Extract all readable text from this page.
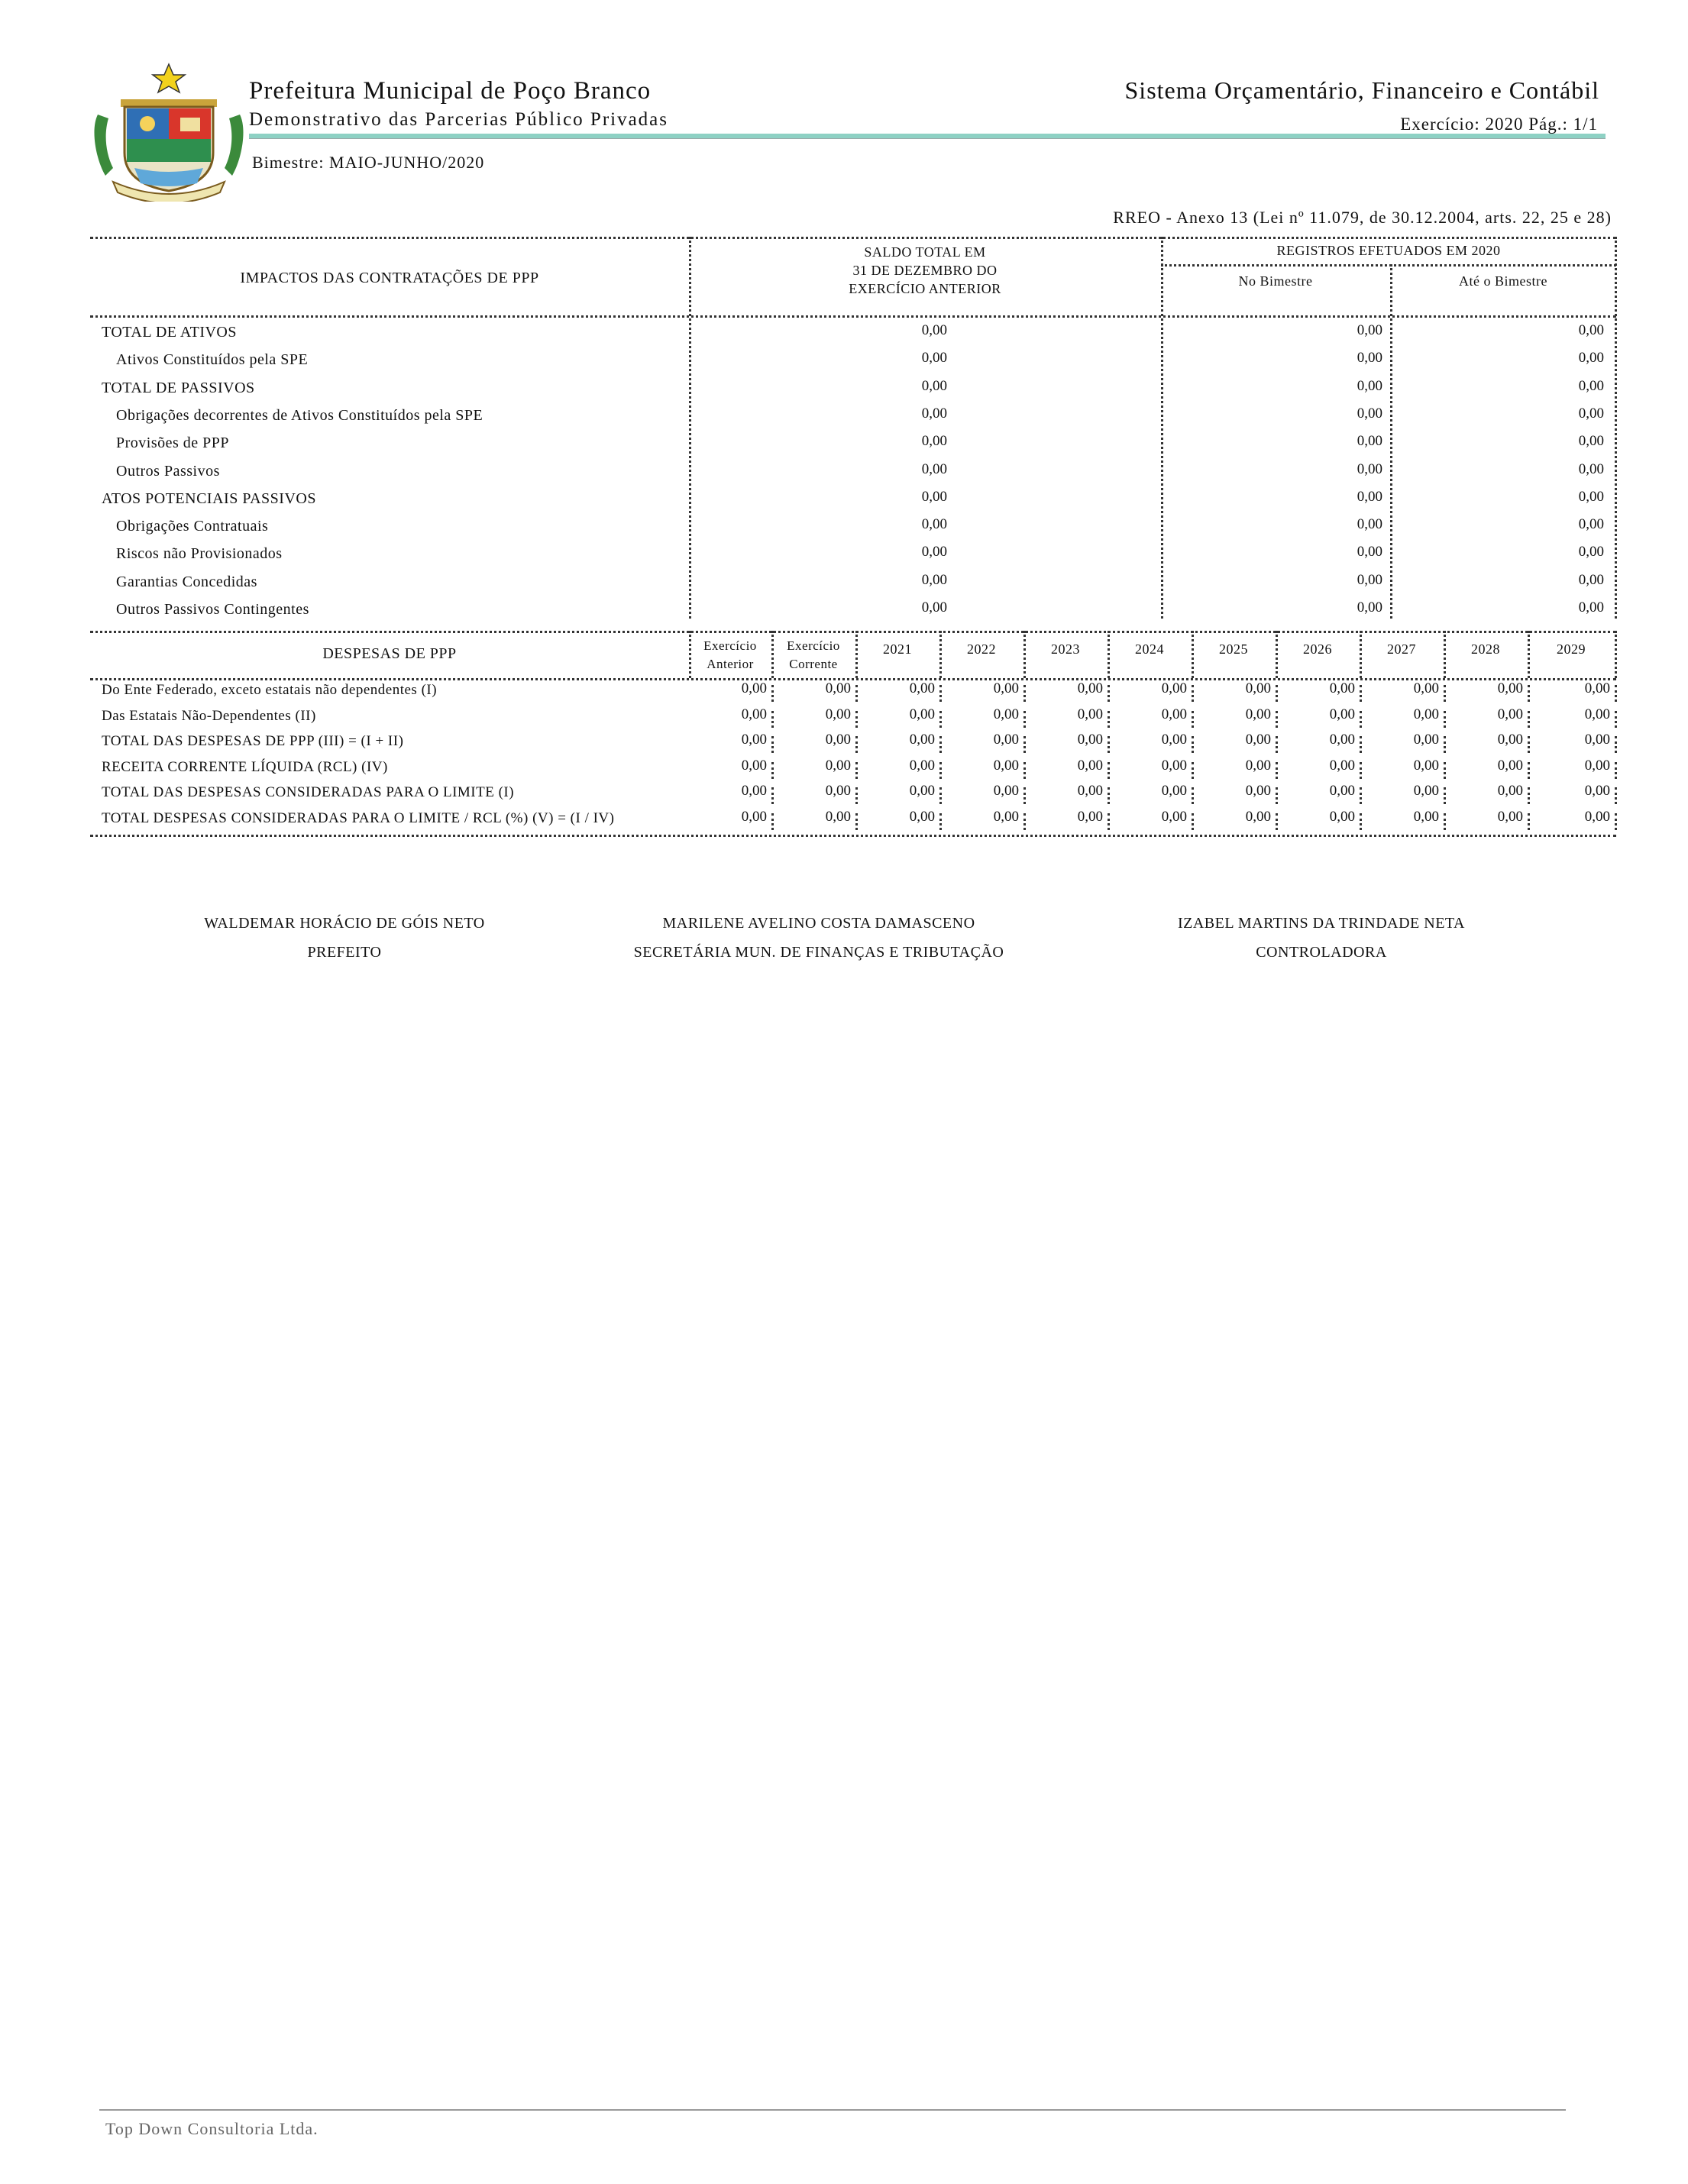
Prefeitura Municipal de Poço Branco
Demonstrativo das Parcerias Público Privadas
Bimestre: MAIO-JUNHO/2020
Sistema Orçamentário, Financeiro e Contábil
Exercício: 2020 Pág.: 1/1
RREO - Anexo 13 (Lei nº 11.079, de 30.12.2004, arts. 22, 25 e 28)
IMPACTOS DAS CONTRATAÇÕES DE PPP
SALDO TOTAL EM
31 DE DEZEMBRO DO
EXERCÍCIO ANTERIOR
REGISTROS EFETUADOS EM 2020
No Bimestre	Até o Bimestre
TOTAL DE ATIVOS	0,00	0,00	0,00
Ativos Constituídos pela SPE	0,00	0,00	0,00
TOTAL DE PASSIVOS	0,00	0,00	0,00
Obrigações decorrentes de Ativos Constituídos pela SPE	0,00	0,00	0,00
Provisões de PPP	0,00	0,00	0,00
Outros Passivos	0,00	0,00	0,00
ATOS POTENCIAIS PASSIVOS	0,00	0,00	0,00
Obrigações Contratuais	0,00	0,00	0,00
Riscos não Provisionados	0,00	0,00	0,00
Garantias Concedidas	0,00	0,00	0,00
Outros Passivos Contingentes	0,00	0,00	0,00
DESPESAS DE PPP	Exercício
Anterior
Exercício
Corrente
2021	2022	2023	2024	2025	2026	2027	2028	2029
Do Ente Federado, exceto estatais não dependentes (I)	0,00	0,00	0,00	0,00	0,00	0,00	0,00	0,00	0,00	0,00	0,00
Das Estatais Não-Dependentes (II)	0,00	0,00	0,00	0,00	0,00	0,00	0,00	0,00	0,00	0,00	0,00
TOTAL DAS DESPESAS DE PPP (III) = (I + II)	0,00	0,00	0,00	0,00	0,00	0,00	0,00	0,00	0,00	0,00	0,00
RECEITA CORRENTE LÍQUIDA (RCL) (IV)	0,00	0,00	0,00	0,00	0,00	0,00	0,00	0,00	0,00	0,00	0,00
TOTAL DAS DESPESAS CONSIDERADAS PARA O LIMITE (I)	0,00	0,00	0,00	0,00	0,00	0,00	0,00	0,00	0,00	0,00	0,00
TOTAL DESPESAS CONSIDERADAS PARA O LIMITE / RCL (%) (V) = (I / IV)	0,00	0,00	0,00	0,00	0,00	0,00	0,00	0,00	0,00	0,00	0,00
WALDEMAR HORÁCIO DE GÓIS NETO
PREFEITO
MARILENE AVELINO COSTA DAMASCENO
SECRETÁRIA MUN. DE FINANÇAS E TRIBUTAÇÃO
IZABEL MARTINS DA TRINDADE NETA
CONTROLADORA
Top Down Consultoria Ltda.
